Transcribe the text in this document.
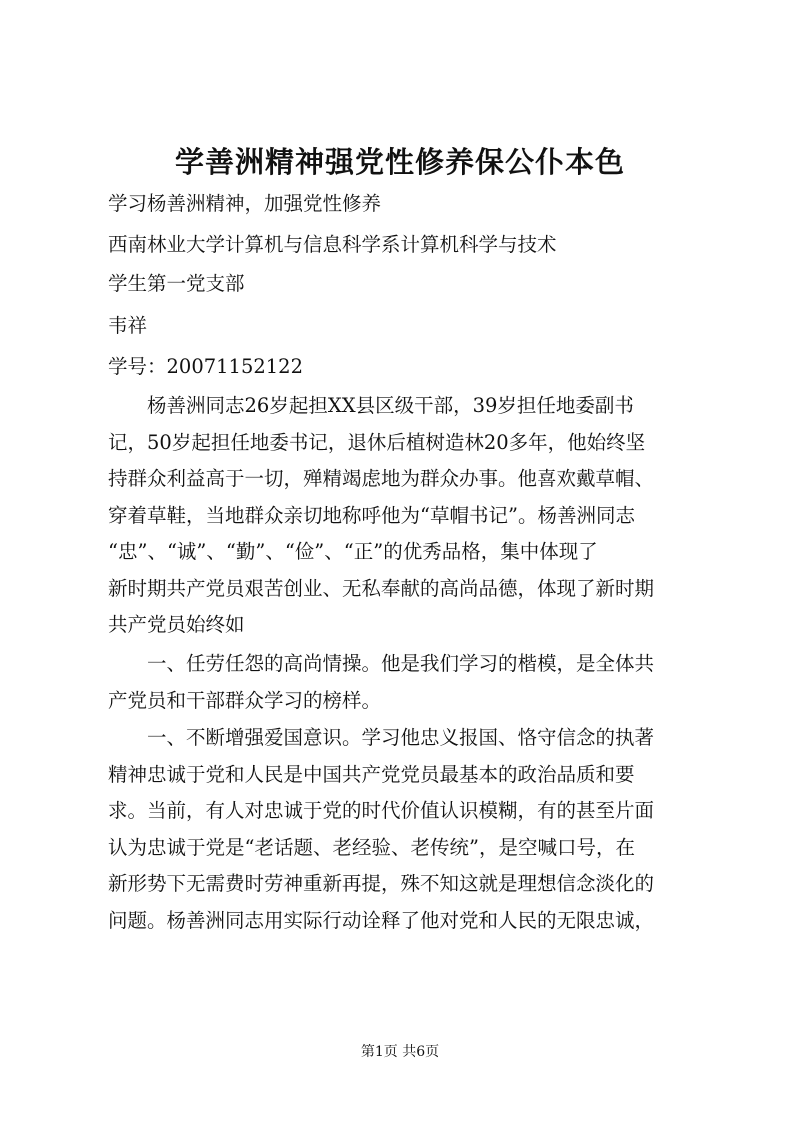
学善洲精神强党性修养保公仆本色

学习杨善洲精神，加强党性修养

西南林业大学计算机与信息科学系计算机科学与技术

学生第一党支部

韦祥

学号：20071152122

杨善洲同志26岁起担XX县区级干部，39岁担任地委副书
记，50岁起担任地委书记，退休后植树造林20多年，他始终坚
持群众利益高于一切，殚精竭虑地为群众办事。他喜欢戴草帽、
穿着草鞋，当地群众亲切地称呼他为“草帽书记”。杨善洲同志
“忠”、“诚”、“勤”、“俭”、“正”的优秀品格，集中体现了
新时期共产党员艰苦创业、无私奉献的高尚品德，体现了新时期
共产党员始终如
一、任劳任怨的高尚情操。他是我们学习的楷模，是全体共
产党员和干部群众学习的榜样。
一、不断增强爱国意识。学习他忠义报国、恪守信念的执著
精神忠诚于党和人民是中国共产党党员最基本的政治品质和要
求。当前，有人对忠诚于党的时代价值认识模糊，有的甚至片面
认为忠诚于党是“老话题、老经验、老传统”，是空喊口号，在
新形势下无需费时劳神重新再提，殊不知这就是理想信念淡化的
问题。杨善洲同志用实际行动诠释了他对党和人民的无限忠诚，

第1页 共6页
